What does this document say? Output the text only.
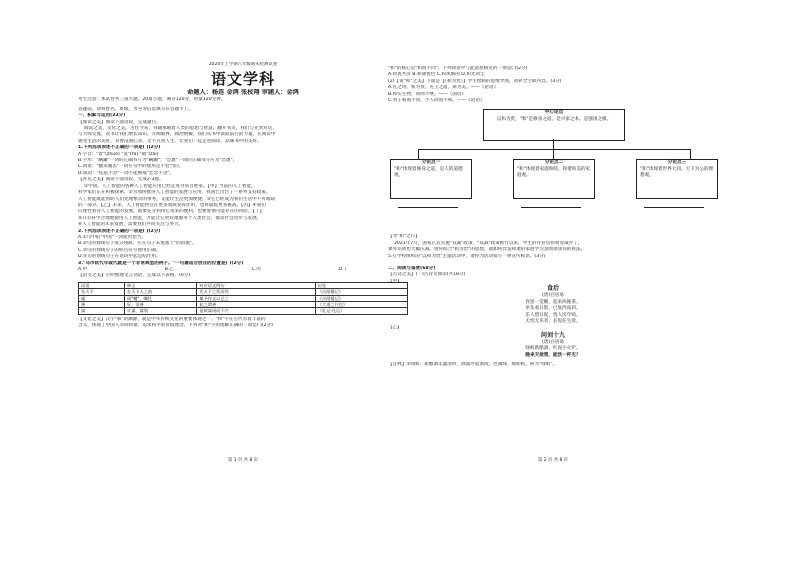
2024年上学期八年级期末检测试卷
语文学科
命题人：杨连 金鸿 张枝翔 审题人：金鸿
考生注意：本试卷共三道大题，20道小题，满分120分，时量120分钟。
答题前，请将姓名、班级、考号等信息填写在答题卡上。
一、积累与运用(22分)
【阅读之美】阅读下面语段，完成题目。
阅读之美，文化之美。古往今来，书籍承载着人类的思想与智慧，翻开书页，我们与先贤对话，
与大师交流。读书让我们增长知识、开阔眼界、陶冶情操，我们从书中汲取前行的力量，在阅读中
感受生活的美好。书香浸润心灵，文字点亮人生，让我们一起走进阅读，品味书中的美好。
1.下列选项表述不正确的一项是( )(2分)
A.字音："着"(zhuó) "发"(fā) "载"(zài)
B.字形："蹒跚"一词的正确书写为"蹒跚"；"怂恿"一词的正确书写应为"怂恿"。
C.词语："翻来覆去"一词在句中的使用是不恰当的。
D.成语："依依不舍"一词不能换成"恋恋不舍"。
【补充之美】阅读下面语段，完成2-3题。
①中国，人工智能的各种人工智能应用已经走进寻常百姓家。【甲】当前的人工智能，
科学家们正在积极探索，②为加快推进人工智能的发展与应用，我国已出台了一系列支持政策。
人工智能既能帮助人们处理繁杂的事务，又能让生活更加便捷，③它已经成为我们生活中不可或缺
的一部分。【乙】未来，人工智能将会在更多领域发挥作用，也将面临更多挑战。【丙】④我们
应理性看待人工智能的发展，既要充分利用它带来的便利，也要警惕可能存在的风险。【丁】
⑤只有科学合理地使用人工智能，才能让它更好地服务于人类社会，推动社会进步与发展。
⑥人工智能的未来发展，需要我们共同关注与努力。
2.下列选项表述不正确的一项是( )(2分)
A.①句中的"中国"一词使用恰当。
B.②句的划线句子成分残缺，应在句子末尾加上"的措施"。
C.③句的划线句子的标点符号使用正确。
D.⑤句的划线句子在语段中起总结作用。
3."乌市钦代年取代就是一个非常典型的例子。"一句最适合放在的位置是( )(2分)
A.甲	B.乙	C.丙	D.丁
【语文之美】小明整理文言词语，完成以下表格。(6分)
词语	释义	对应语文例句	出处
先天下	在天下人之前	先天下之忧而忧	《岳阳楼记》
属	同"嘱"，嘱托	属予作文以记之	《岳阳楼记》
善	好，妥善	此之谓善	《大道之行也》
谋	计谋，谋划	是故谋闭而不兴	《礼记·礼运》
【文化之美】汉字"和"的渊源，就是中华传统文化的重要体现之一。"和"字在古代有着丰富的
含义，体现了中国人崇尚和谐、追求和平的价值理念。下列对"和"字的理解正确的一项是( )(2分)
第 1 页 共 8 页
"和"的核心是"和而不同"，下列词语中与此意思相近的一项是( )(2分)
A.和衷共济 B.和颜悦色 C.和风细雨 D.和光同尘
(2)【说"和"之美】下面是【《和为贵》】学生绘制的思维导图，请补全空缺内容。(3分)
A.礼之用，和为贵。先王之道，斯为美。——《论语》
B.和实生物，同则不继。——《国语》
C.君子和而不同，小人同而不和。——《论语》
中心论点
以和为贵，"和"是修身之道，是兴家之本，是强国之根。
分论点一
"和"体现着修身之道，是人的道德观。
分论点二
"和"体现着家庭和睦，和谐和美的家庭观。
分论点三
"和"体现着世界大同，天下为公的理想观。
【导"和"之行】
2021年7月，国家正式实施"双减"政策，"双减"政策推行以来，学生的作业负担明显减少了，
课外培训也大幅压减。请你结合"和为贵"的思想，就如何营造和谐的家庭学习氛围谈谈你的看法。
5.在学校组织的"以和为贵"主题活动中，请你为活动拟写一则宣传标语。(3分)
二、阅读与鉴赏(68分)
【古诗之美】(一)古诗文阅读(共18分)
【甲】
食后
(唐)白居易
食罢一觉睡，起来两瓯茶。
举头看日影，已复西南斜。
乐人惜日促，忧人厌年赊。
无忧无乐者，长短任生涯。
【乙】
问刘十九
(唐)白居易
绿蚁新醅酒，红泥小火炉。
晚来天欲雪，能饮一杯无？
【注释】①绿蚁：新酿酒未滤清时，酒面浮起酒渣，色微绿，细如蚁，称为"绿蚁"。
第 2 页 共 8 页
